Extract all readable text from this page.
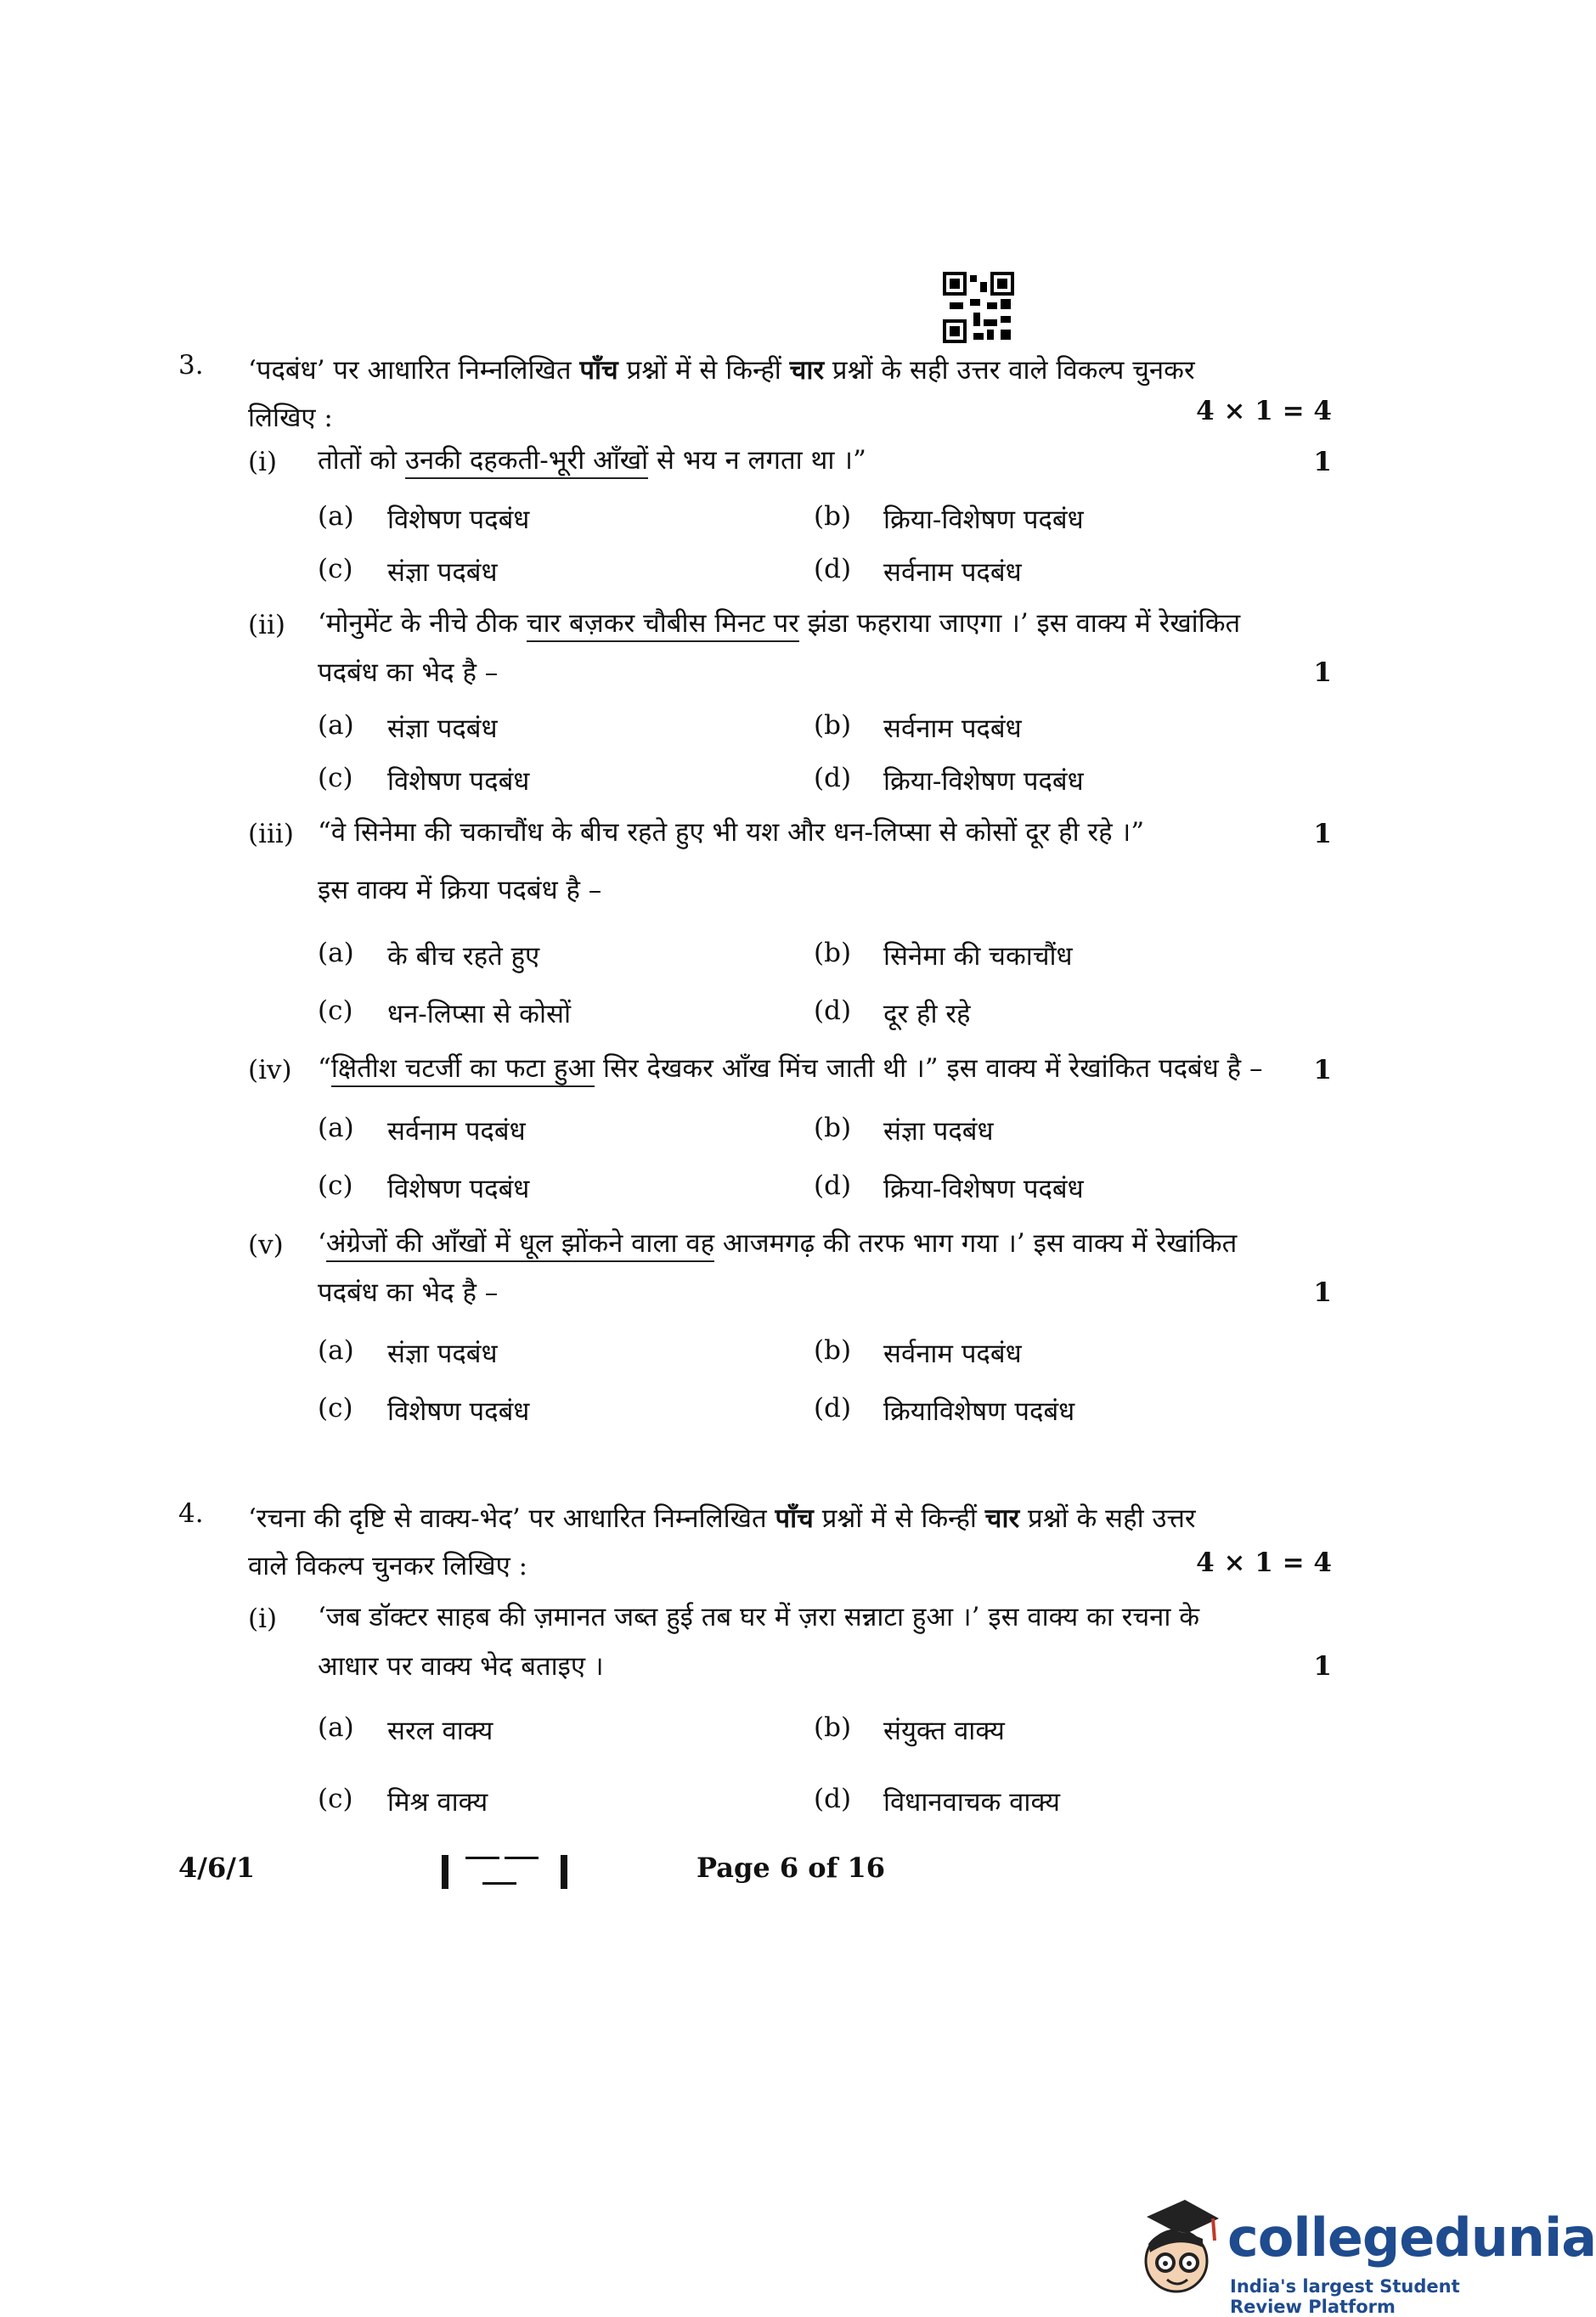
3. ‘पदबंध’ पर आधारित निम्नलिखित पाँच प्रश्नों में से किन्हीं चार प्रश्नों के सही उत्तर वाले विकल्प चुनकर
लिखिए :	4 × 1 = 4
(i) तोतों को उनकी दहकती-भूरी आँखों से भय न लगता था ।”	1
(a) विशेषण पदबंध	(b) क्रिया-विशेषण पदबंध
(c) संज्ञा पदबंध	(d) सर्वनाम पदबंध
(ii) ‘मोनुमेंट के नीचे ठीक चार बज़कर चौबीस मिनट पर झंडा फहराया जाएगा ।’ इस वाक्य में रेखांकित
पदबंध का भेद है –	1
(a) संज्ञा पदबंध	(b) सर्वनाम पदबंध
(c) विशेषण पदबंध	(d) क्रिया-विशेषण पदबंध
(iii) “वे सिनेमा की चकाचौंध के बीच रहते हुए भी यश और धन-लिप्सा से कोसों दूर ही रहे ।”
इस वाक्य में क्रिया पदबंध है –
1
(a) के बीच रहते हुए	(b) सिनेमा की चकाचौंध
(c) धन-लिप्सा से कोसों	(d) दूर ही रहे
(iv) “क्षितीश चटर्जी का फटा हुआ सिर देखकर आँख मिंच जाती थी ।” इस वाक्य में रेखांकित पदबंध है –	1
(a) सर्वनाम पदबंध	(b) संज्ञा पदबंध
(c) विशेषण पदबंध	(d) क्रिया-विशेषण पदबंध
(v) ‘अंग्रेजों की आँखों में धूल झोंकने वाला वह आजमगढ़ की तरफ भाग गया ।’ इस वाक्य में रेखांकित
पदबंध का भेद है –	1
(a) संज्ञा पदबंध	(b) सर्वनाम पदबंध
(c) विशेषण पदबंध	(d) क्रियाविशेषण पदबंध
4. ‘रचना की दृष्टि से वाक्य-भेद’ पर आधारित निम्नलिखित पाँच प्रश्नों में से किन्हीं चार प्रश्नों के सही उत्तर
वाले विकल्प चुनकर लिखिए :	4 × 1 = 4
(i) ‘जब डॉक्टर साहब की ज़मानत जब्त हुई तब घर में ज़रा सन्नाटा हुआ ।’ इस वाक्य का रचना के
आधार पर वाक्य भेद बताइए ।	1
(a) सरल वाक्य	(b) संयुक्त वाक्य
(c) मिश्र वाक्य	(d) विधानवाचक वाक्य
4/6/1	Page 6 of 16
collegedunia
India's largest Student Review Platform
